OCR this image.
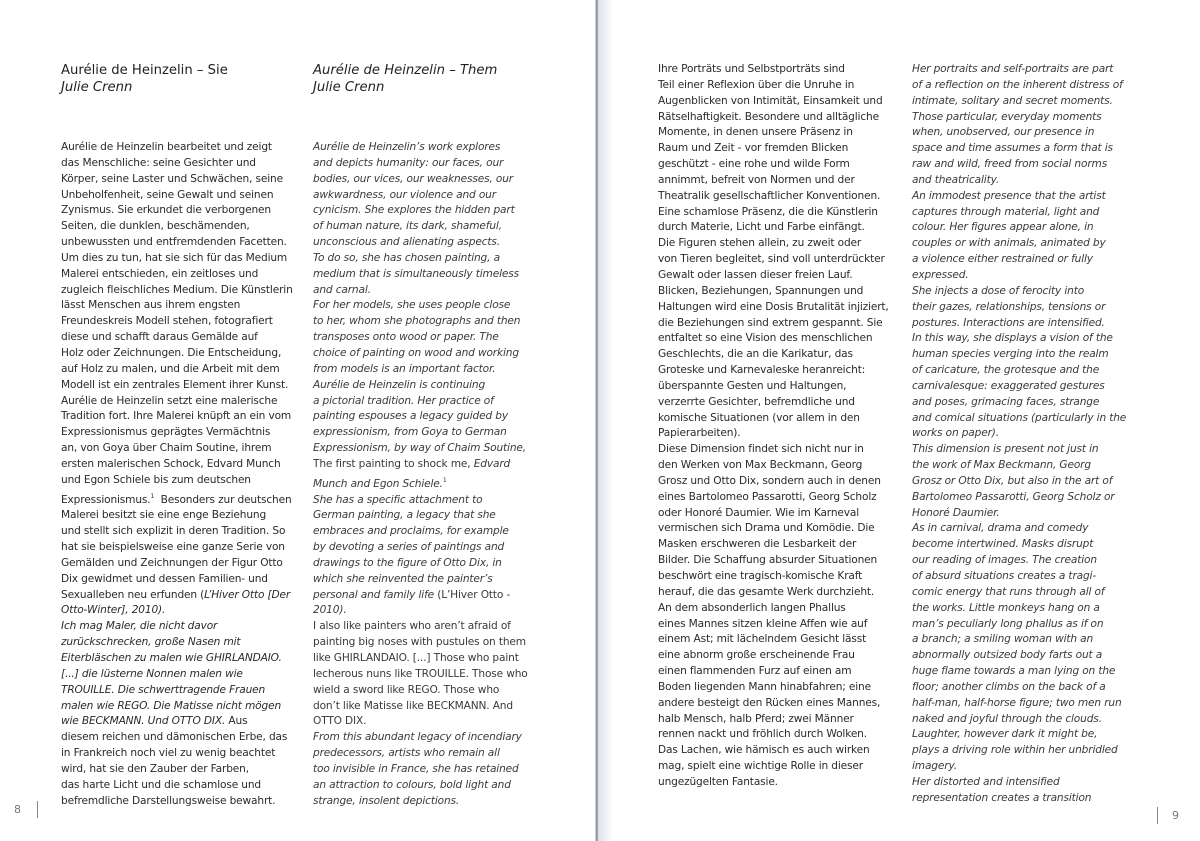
Aurélie de Heinzelin – Sie
Julie Crenn
Aurélie de Heinzelin – Them
Julie Crenn
Aurélie de Heinzelin bearbeitet und zeigt
das Menschliche: seine Gesichter und
Körper, seine Laster und Schwächen, seine
Unbeholfenheit, seine Gewalt und seinen
Zynismus. Sie erkundet die verborgenen
Seiten, die dunklen, beschämenden,
unbewussten und entfremdenden Facetten.
Um dies zu tun, hat sie sich für das Medium
Malerei entschieden, ein zeitloses und
zugleich fleischliches Medium. Die Künstlerin
lässt Menschen aus ihrem engsten
Freundeskreis Modell stehen, fotografiert
diese und schafft daraus Gemälde auf
Holz oder Zeichnungen. Die Entscheidung,
auf Holz zu malen, und die Arbeit mit dem
Modell ist ein zentrales Element ihrer Kunst.
Aurélie de Heinzelin setzt eine malerische
Tradition fort. Ihre Malerei knüpft an ein vom
Expressionismus geprägtes Vermächtnis
an, von Goya über Chaim Soutine, ihrem
ersten malerischen Schock, Edvard Munch
und Egon Schiele bis zum deutschen
Expressionismus.$^1$  Besonders zur deutschen
Malerei besitzt sie eine enge Beziehung
und stellt sich explizit in deren Tradition. So
hat sie beispielsweise eine ganze Serie von
Gemälden und Zeichnungen der Figur Otto
Dix gewidmet und dessen Familien- und
Sexualleben neu erfunden (L’Hiver Otto [Der
Otto-Winter], 2010).
Ich mag Maler, die nicht davor
zurückschrecken, große Nasen mit
Eiterbläschen zu malen wie GHIRLANDAIO.
[...] die lüsterne Nonnen malen wie
TROUILLE. Die schwerttragende Frauen
malen wie REGO. Die Matisse nicht mögen
wie BECKMANN. Und OTTO DIX. Aus
diesem reichen und dämonischen Erbe, das
in Frankreich noch viel zu wenig beachtet
wird, hat sie den Zauber der Farben,
das harte Licht und die schamlose und
befremdliche Darstellungsweise bewahrt.
Aurélie de Heinzelin’s work explores
and depicts humanity: our faces, our
bodies, our vices, our weaknesses, our
awkwardness, our violence and our
cynicism. She explores the hidden part
of human nature, its dark, shameful,
unconscious and alienating aspects.
To do so, she has chosen painting, a
medium that is simultaneously timeless
and carnal.
For her models, she uses people close
to her, whom she photographs and then
transposes onto wood or paper. The
choice of painting on wood and working
from models is an important factor.
Aurélie de Heinzelin is continuing
a pictorial tradition. Her practice of
painting espouses a legacy guided by
expressionism, from Goya to German
Expressionism, by way of Chaim Soutine,
The first painting to shock me, Edvard
Munch and Egon Schiele.$^1$
She has a specific attachment to
German painting, a legacy that she
embraces and proclaims, for example
by devoting a series of paintings and
drawings to the figure of Otto Dix, in
which she reinvented the painter’s
personal and family life (L’Hiver Otto -
2010).
I also like painters who aren’t afraid of
painting big noses with pustules on them
like GHIRLANDAIO. [...] Those who paint
lecherous nuns like TROUILLE. Those who
wield a sword like REGO. Those who
don’t like Matisse like BECKMANN. And
OTTO DIX.
From this abundant legacy of incendiary
predecessors, artists who remain all
too invisible in France, she has retained
an attraction to colours, bold light and
strange, insolent depictions.
8
Ihre Porträts und Selbstporträts sind
Teil einer Reflexion über die Unruhe in
Augenblicken von Intimität, Einsamkeit und
Rätselhaftigkeit. Besondere und alltägliche
Momente, in denen unsere Präsenz in
Raum und Zeit - vor fremden Blicken
geschützt - eine rohe und wilde Form
annimmt, befreit von Normen und der
Theatralik gesellschaftlicher Konventionen.
Eine schamlose Präsenz, die die Künstlerin
durch Materie, Licht und Farbe einfängt.
Die Figuren stehen allein, zu zweit oder
von Tieren begleitet, sind voll unterdrückter
Gewalt oder lassen dieser freien Lauf.
Blicken, Beziehungen, Spannungen und
Haltungen wird eine Dosis Brutalität injiziert,
die Beziehungen sind extrem gespannt. Sie
entfaltet so eine Vision des menschlichen
Geschlechts, die an die Karikatur, das
Groteske und Karnevaleske heranreicht:
überspannte Gesten und Haltungen,
verzerrte Gesichter, befremdliche und
komische Situationen (vor allem in den
Papierarbeiten).
Diese Dimension findet sich nicht nur in
den Werken von Max Beckmann, Georg
Grosz und Otto Dix, sondern auch in denen
eines Bartolomeo Passarotti, Georg Scholz
oder Honoré Daumier. Wie im Karneval
vermischen sich Drama und Komödie. Die
Masken erschweren die Lesbarkeit der
Bilder. Die Schaffung absurder Situationen
beschwört eine tragisch-komische Kraft
herauf, die das gesamte Werk durchzieht.
An dem absonderlich langen Phallus
eines Mannes sitzen kleine Affen wie auf
einem Ast; mit lächelndem Gesicht lässt
eine abnorm große erscheinende Frau
einen flammenden Furz auf einen am
Boden liegenden Mann hinabfahren; eine
andere besteigt den Rücken eines Mannes,
halb Mensch, halb Pferd; zwei Männer
rennen nackt und fröhlich durch Wolken.
Das Lachen, wie hämisch es auch wirken
mag, spielt eine wichtige Rolle in dieser
ungezügelten Fantasie.
Her portraits and self-portraits are part
of a reflection on the inherent distress of
intimate, solitary and secret moments.
Those particular, everyday moments
when, unobserved, our presence in
space and time assumes a form that is
raw and wild, freed from social norms
and theatricality.
An immodest presence that the artist
captures through material, light and
colour. Her figures appear alone, in
couples or with animals, animated by
a violence either restrained or fully
expressed.
She injects a dose of ferocity into
their gazes, relationships, tensions or
postures. Interactions are intensified.
In this way, she displays a vision of the
human species verging into the realm
of caricature, the grotesque and the
carnivalesque: exaggerated gestures
and poses, grimacing faces, strange
and comical situations (particularly in the
works on paper).
This dimension is present not just in
the work of Max Beckmann, Georg
Grosz or Otto Dix, but also in the art of
Bartolomeo Passarotti, Georg Scholz or
Honoré Daumier.
As in carnival, drama and comedy
become intertwined. Masks disrupt
our reading of images. The creation
of absurd situations creates a tragi-
comic energy that runs through all of
the works. Little monkeys hang on a
man’s peculiarly long phallus as if on
a branch; a smiling woman with an
abnormally outsized body farts out a
huge flame towards a man lying on the
floor; another climbs on the back of a
half-man, half-horse figure; two men run
naked and joyful through the clouds.
Laughter, however dark it might be,
plays a driving role within her unbridled
imagery.
Her distorted and intensified
representation creates a transition
9
